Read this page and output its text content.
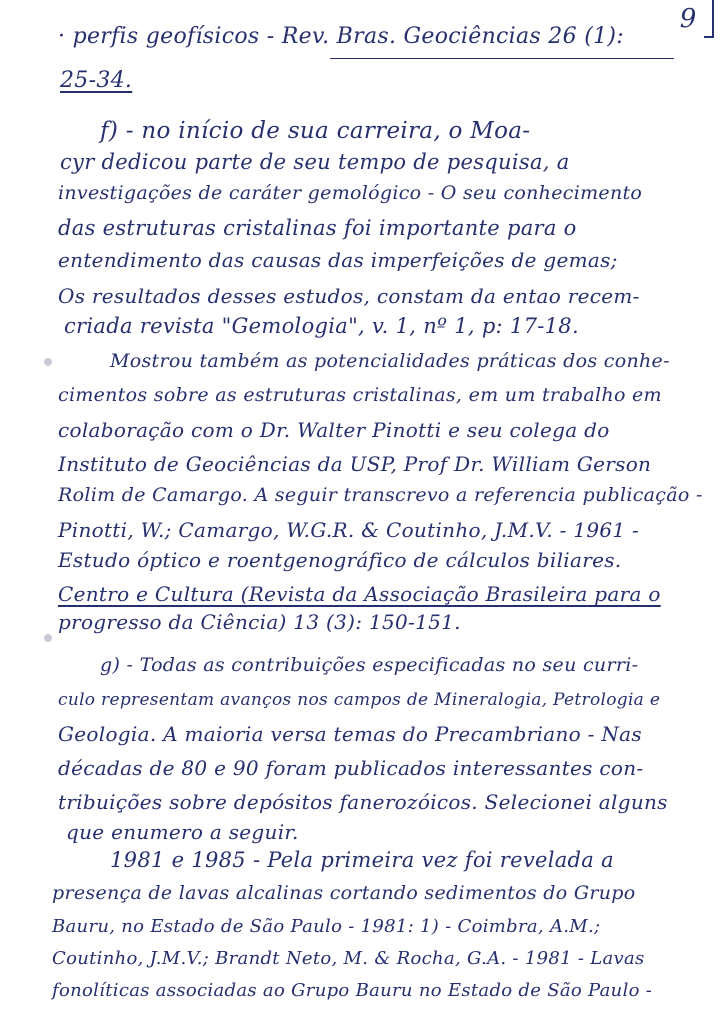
9
· perfis geofísicos - Rev. Bras. Geociências 26 (1):
25-34.
f) - no início de sua carreira, o Moa-
cyr dedicou parte de seu tempo de pesquisa, a
investigações de caráter gemológico - O seu conhecimento
das estruturas cristalinas foi importante para o
entendimento das causas das imperfeições de gemas;
Os resultados desses estudos, constam da entao recem-
criada revista "Gemologia", v. 1, nº 1, p: 17-18.
Mostrou também as potencialidades práticas dos conhe-
cimentos sobre as estruturas cristalinas, em um trabalho em
colaboração com o Dr. Walter Pinotti e seu colega do
Instituto de Geociências da USP, Prof Dr. William Gerson
Rolim de Camargo. A seguir transcrevo a referencia publicação -
Pinotti, W.; Camargo, W.G.R. & Coutinho, J.M.V. - 1961 -
Estudo óptico e roentgenográfico de cálculos biliares.
Centro e Cultura (Revista da Associação Brasileira para o
progresso da Ciência) 13 (3): 150-151.
g) - Todas as contribuições especificadas no seu curri-
culo representam avanços nos campos de Mineralogia, Petrologia e
Geologia. A maioria versa temas do Precambriano - Nas
décadas de 80 e 90 foram publicados interessantes con-
tribuições sobre depósitos fanerozóicos. Selecionei alguns
que enumero a seguir.
1981 e 1985 - Pela primeira vez foi revelada a
presença de lavas alcalinas cortando sedimentos do Grupo
Bauru, no Estado de São Paulo - 1981: 1) - Coimbra, A.M.;
Coutinho, J.M.V.; Brandt Neto, M. & Rocha, G.A. - 1981 - Lavas
fonolíticas associadas ao Grupo Bauru no Estado de São Paulo -
